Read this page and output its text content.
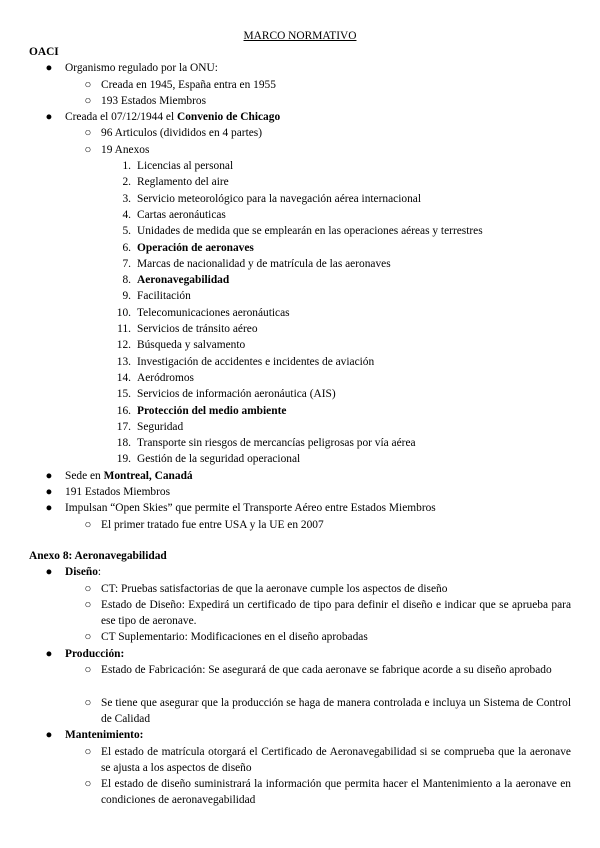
MARCO NORMATIVO
OACI
● Organismo regulado por la ONU:
○ Creada en 1945, España entra en 1955
○ 193 Estados Miembros
● Creada el 07/12/1944 el Convenio de Chicago
○ 96 Articulos (divididos en 4 partes)
○ 19 Anexos
1. Licencias al personal
2. Reglamento del aire
3. Servicio meteorológico para la navegación aérea internacional
4. Cartas aeronáuticas
5. Unidades de medida que se emplearán en las operaciones aéreas y terrestres
6. Operación de aeronaves
7. Marcas de nacionalidad y de matrícula de las aeronaves
8. Aeronavegabilidad
9. Facilitación
10. Telecomunicaciones aeronáuticas
11. Servicios de tránsito aéreo
12. Búsqueda y salvamento
13. Investigación de accidentes e incidentes de aviación
14. Aeródromos
15. Servicios de información aeronáutica (AIS)
16. Protección del medio ambiente
17. Seguridad
18. Transporte sin riesgos de mercancías peligrosas por vía aérea
19. Gestión de la seguridad operacional
● Sede en Montreal, Canadá
● 191 Estados Miembros
● Impulsan “Open Skies” que permite el Transporte Aéreo entre Estados Miembros
○ El primer tratado fue entre USA y la UE en 2007
Anexo 8: Aeronavegabilidad
● Diseño:
○ CT: Pruebas satisfactorias de que la aeronave cumple los aspectos de diseño
○ Estado de Diseño: Expedirá un certificado de tipo para definir el diseño e indicar que se aprueba para ese tipo de aeronave.
○ CT Suplementario: Modificaciones en el diseño aprobadas
● Producción:
○ Estado de Fabricación: Se asegurará de que cada aeronave se fabrique acorde a su diseño aprobado
○ Se tiene que asegurar que la producción se haga de manera controlada e incluya un Sistema de Control de Calidad
● Mantenimiento:
○ El estado de matrícula otorgará el Certificado de Aeronavegabilidad si se comprueba que la aeronave se ajusta a los aspectos de diseño
○ El estado de diseño suministrará la información que permita hacer el Mantenimiento a la aeronave en condiciones de aeronavegabilidad
